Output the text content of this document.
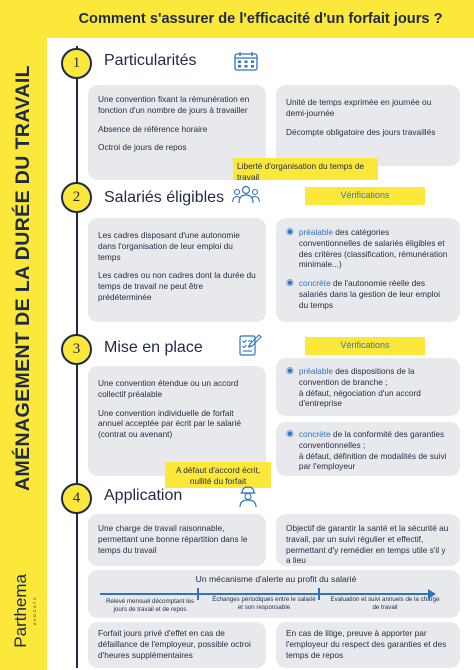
AMÉNAGEMENT DE LA DURÉE DU TRAVAIL
Parthema AVOCATS
Comment s'assurer de l'efficacité d'un forfait jours ?
1	Particularités

Une convention fixant la rémunération en fonction d'un nombre de jours à travailler

Absence de référence horaire

Octroi de jours de repos

Unité de temps exprimée en journée ou demi-journée

Décompte obligatoire des jours travaillés

Liberté d'organisation du temps de travail
2	Salariés éligibles	Vérifications

Les cadres disposant d'une autonomie dans l'organisation de leur emploi du temps

Les cadres ou non cadres dont la durée du temps de travail ne peut être prédéterminée

◉ préalable des catégories conventionnelles de salariés éligibles et des critères (classification, rémunération minimale...)
◉ concrète de l'autonomie réelle des salariés dans la gestion de leur emploi du temps
3	Mise en place	Vérifications

Une convention étendue ou un accord collectif préalable

Une convention individuelle de forfait annuel acceptée par écrit par le salarié (contrat ou avenant)

◉ préalable des dispositions de la convention de branche ;
à défaut, négociation d'un accord d'entreprise
◉ concrète de la conformité des garanties conventionnelles ;
à défaut, définition de modalités de suivi par l'employeur
A défaut d'accord écrit, nullité du forfait
4	Application

Une charge de travail raisonnable, permettant une bonne répartition dans le temps du travail

Objectif de garantir la santé et la sécurité au travail, par un suivi régulier et effectif, permettant d'y remédier en temps utile s'il y a lieu

Un mécanisme d'alerte au profit du salarié
Relevé mensuel décomptant les jours de travail et de repos
Échanges périodiques entre le salarié et son responsable
Evaluation et suivi annuels de la charge de travail

Forfait jours privé d'effet en cas de défaillance de l'employeur, possible octroi d'heures supplémentaires

En cas de litige, preuve à apporter par l'employeur du respect des garanties et des temps de repos
